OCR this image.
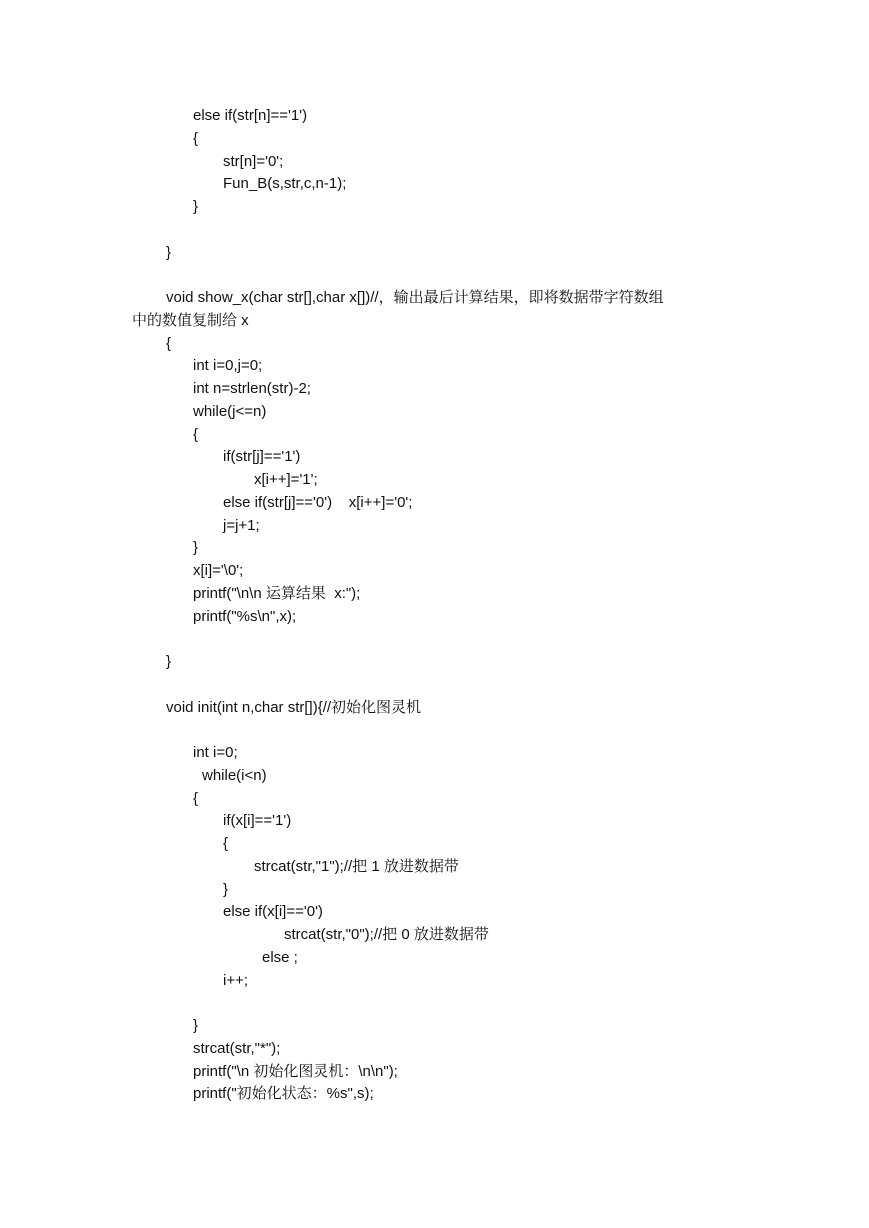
else if(str[n]=='1')
{
str[n]='0';
Fun_B(s,str,c,n-1);
}
}
void show_x(char str[],char x[])//，输出最后计算结果，即将数据带字符数组
中的数值复制给 x
{
int i=0,j=0;
int n=strlen(str)-2;
while(j<=n)
{
if(str[j]=='1')
x[i++]='1';
else if(str[j]=='0')    x[i++]='0';
j=j+1;
}
x[i]='\0';
printf("\n\n 运算结果  x:");
printf("%s\n",x);
}
void init(int n,char str[]){//初始化图灵机
int i=0;
while(i<n)
{
if(x[i]=='1')
{
strcat(str,"1");//把 1 放进数据带
}
else if(x[i]=='0')
strcat(str,"0");//把 0 放进数据带
else ;
i++;
}
strcat(str,"*");
printf("\n 初始化图灵机：\n\n");
printf("初始化状态：%s",s);
